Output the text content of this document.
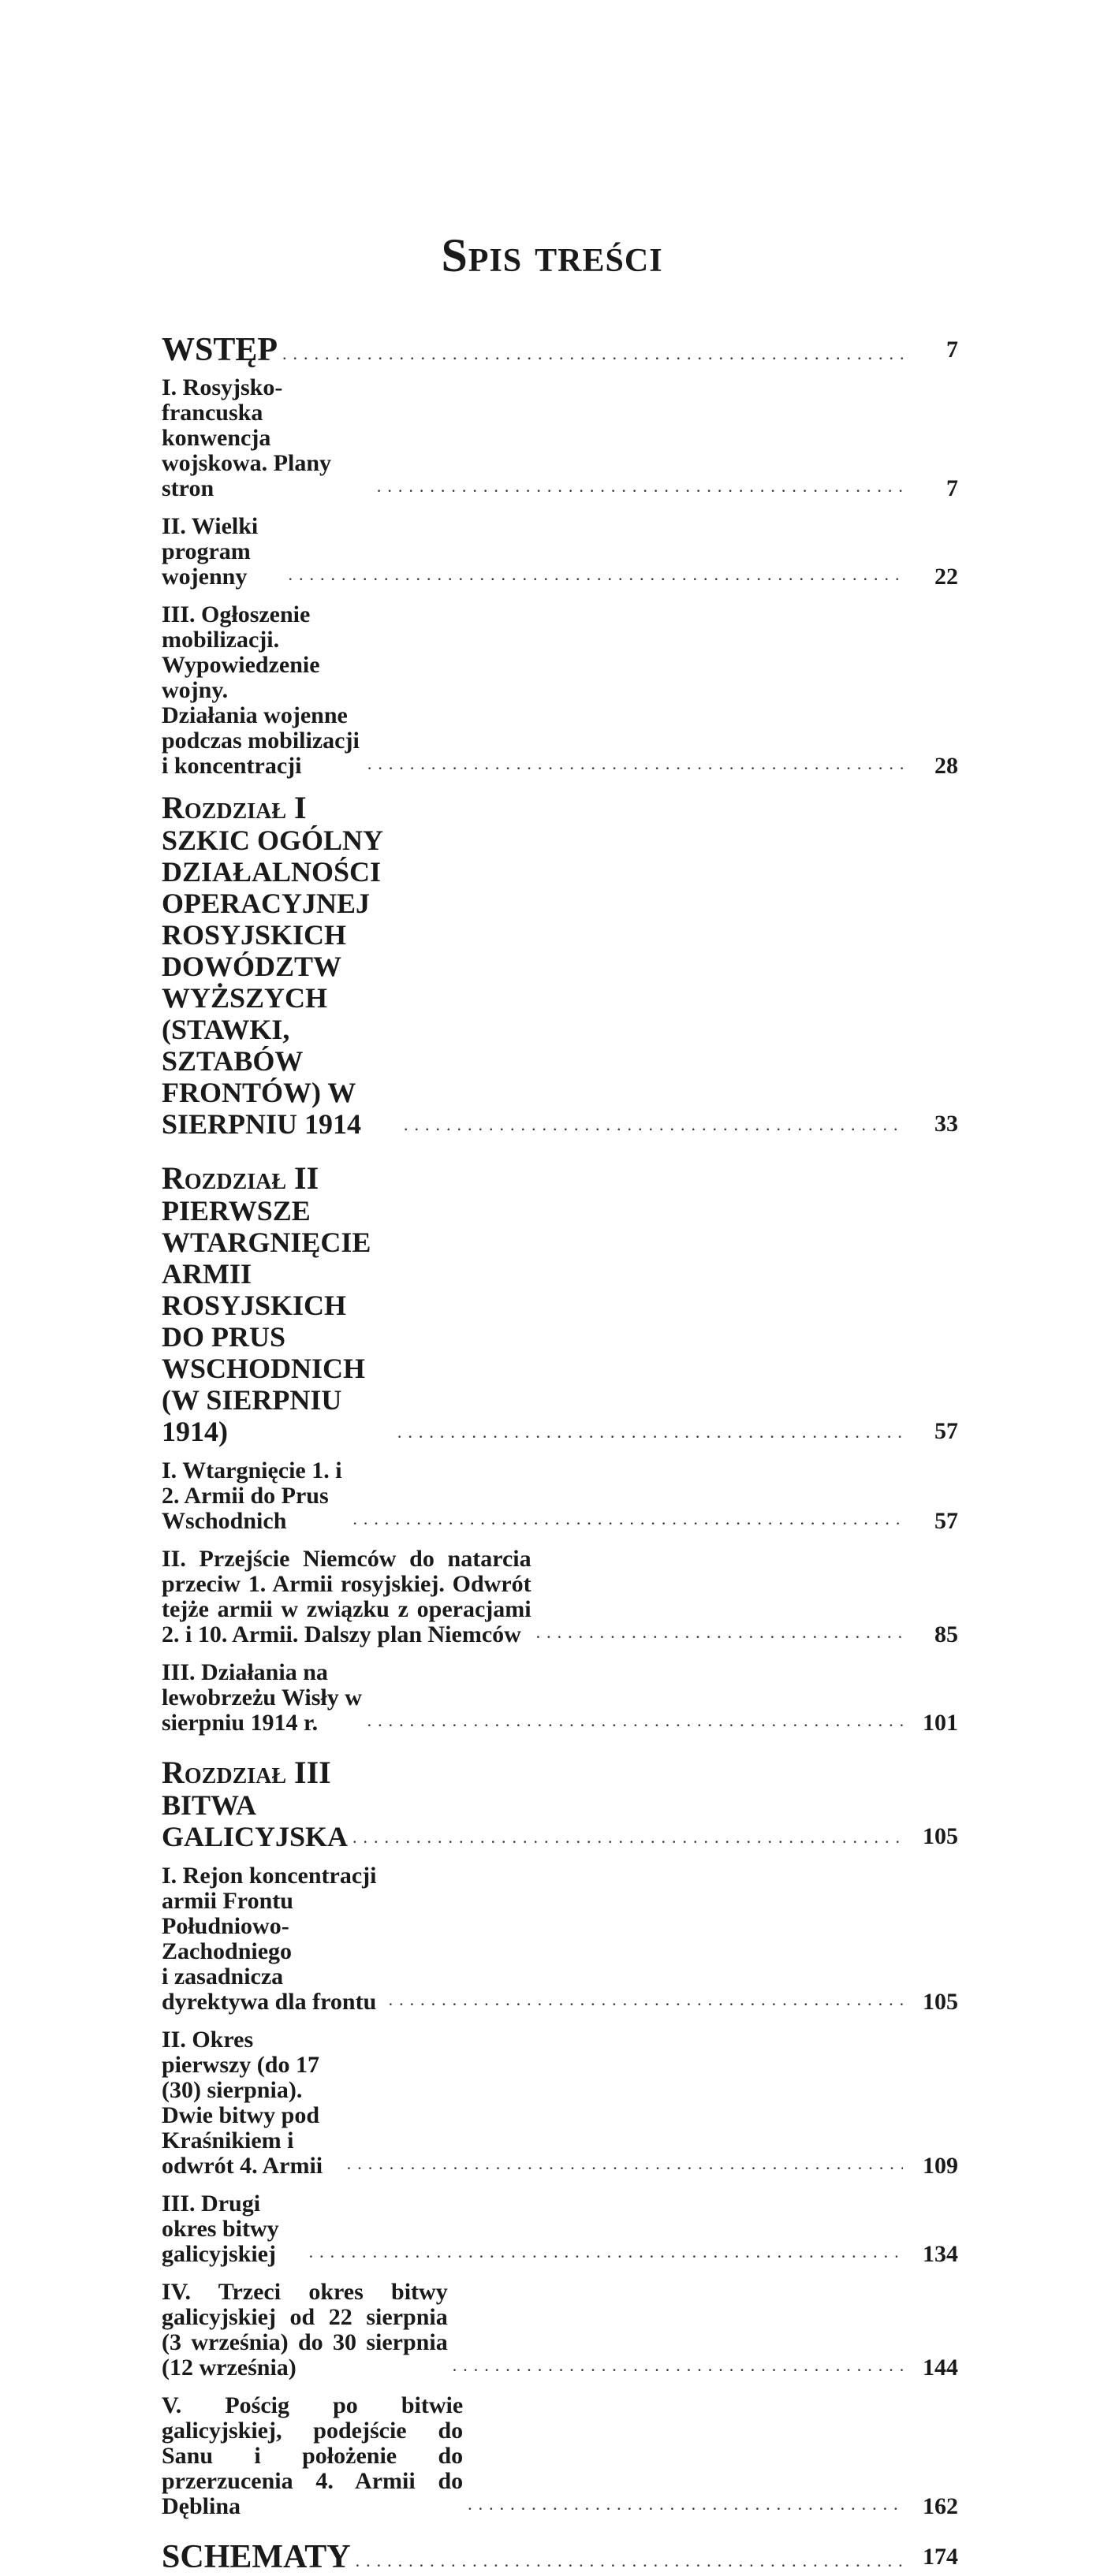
Spis treści
WSTĘP .....	7
I. Rosyjsko-francuska konwencja wojskowa. Plany stron .....	7
II. Wielki program wojenny .....	22
III. Ogłoszenie mobilizacji. Wypowiedzenie wojny.
Działania wojenne podczas mobilizacji i koncentracji .....	28
Rozdział I
SZKIC OGÓLNY DZIAŁALNOŚCI OPERACYJNEJ
ROSYJSKICH DOWÓDZTW WYŻSZYCH (STAWKI,
SZTABÓW FRONTÓW) W SIERPNIU 1914 .....	33
Rozdział II
PIERWSZE WTARGNIĘCIE ARMII ROSYJSKICH
DO PRUS WSCHODNICH (W SIERPNIU 1914) .....	57
I. Wtargnięcie 1. i 2. Armii do Prus Wschodnich .....	57
II. Przejście Niemców do natarcia przeciw 1. Armii rosyjskiej. Odwrót tejże armii w związku z operacjami 2. i 10. Armii. Dalszy plan Niemców .....	85
III. Działania na lewobrzeżu Wisły w sierpniu 1914 r. .....	101
Rozdział III
BITWA GALICYJSKA .....	105
I. Rejon koncentracji armii Frontu Południowo-Zachodniego
i zasadnicza dyrektywa dla frontu .....	105
II. Okres pierwszy (do 17 (30) sierpnia).
Dwie bitwy pod Kraśnikiem i odwrót 4. Armii .....	109
III. Drugi okres bitwy galicyjskiej .....	134
IV. Trzeci okres bitwy galicyjskiej od 22 sierpnia (3 września) do 30 sierpnia (12 września) .....	144
V. Pościg po bitwie galicyjskiej, podejście do Sanu i położenie do przerzucenia 4. Armii do Dęblina .....	162
SCHEMATY .....	174
